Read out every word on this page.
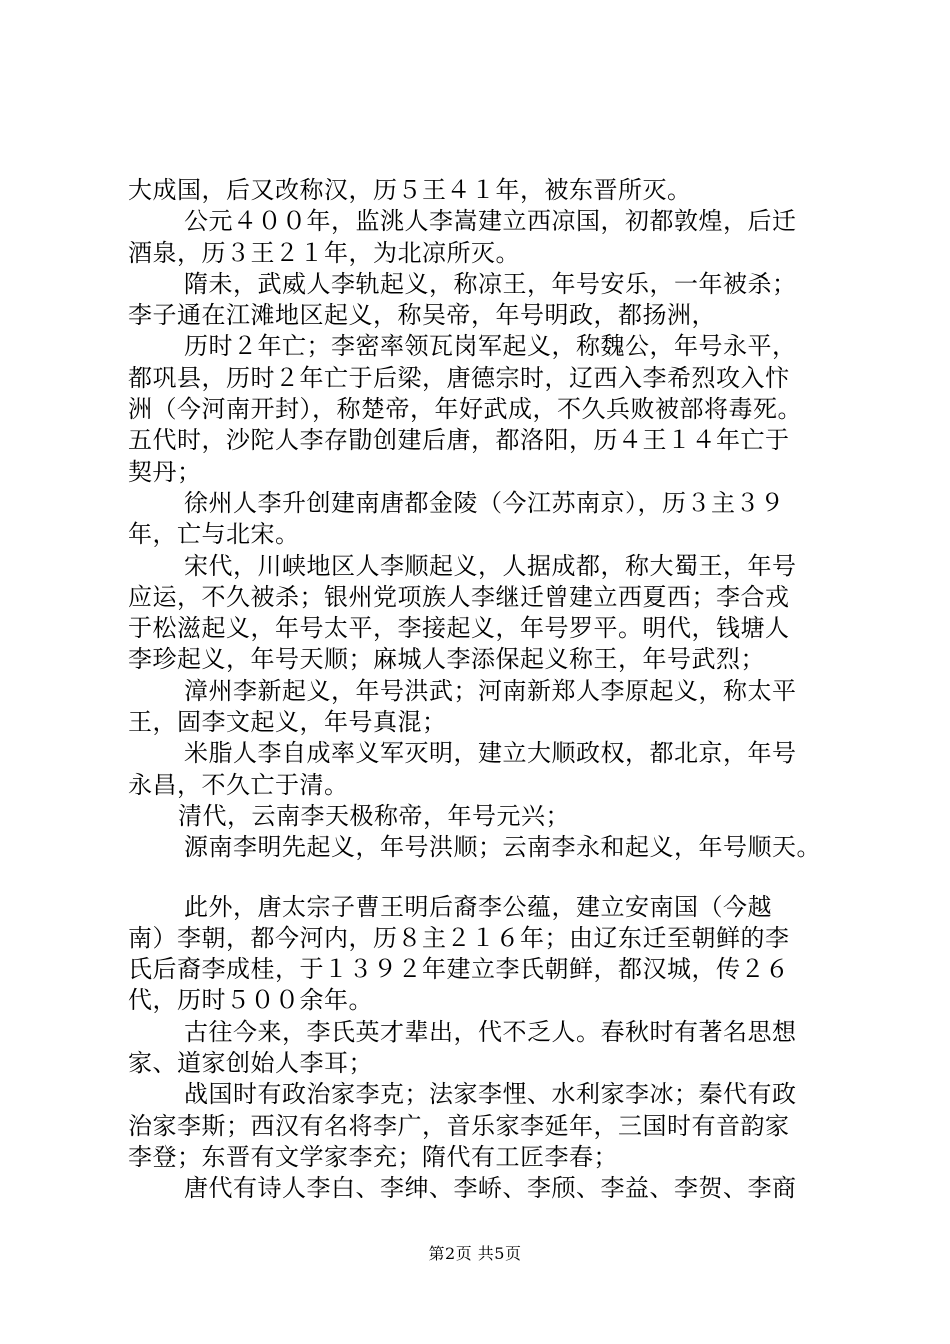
大成国，后又改称汉，历５王４１年，被东晋所灭。

公元４００年，监洮人李嵩建立西凉国，初都敦煌，后迁

酒泉，历３王２１年，为北凉所灭。

隋未，武威人李轨起义，称凉王，年号安乐，一年被杀；

李子通在江滩地区起义，称吴帝，年号明政，都扬洲，

历时２年亡；李密率领瓦岗军起义，称魏公，年号永平，

都巩县，历时２年亡于后梁，唐德宗时，辽西入李希烈攻入忭

洲（今河南开封），称楚帝，年好武成，不久兵败被部将毒死。

五代时，沙陀人李存勖创建后唐，都洛阳，历４王１４年亡于

契丹；

徐州人李升创建南唐都金陵（今江苏南京），历３主３９

年，亡与北宋。

宋代，川峡地区人李顺起义，人据成都，称大蜀王，年号

应运，不久被杀；银州党项族人李继迁曾建立西夏西；李合戎

于松滋起义，年号太平，李接起义，年号罗平。明代，钱塘人

李珍起义，年号天顺；麻城人李添保起义称王，年号武烈；

漳州李新起义，年号洪武；河南新郑人李原起义，称太平

王，固李文起义，年号真混；

米脂人李自成率义军灭明，建立大顺政权，都北京，年号

永昌，不久亡于清。

清代，云南李天极称帝，年号元兴；

源南李明先起义，年号洪顺；云南李永和起义，年号顺天。

此外，唐太宗子曹王明后裔李公蕴，建立安南国（今越

南）李朝，都今河内，历８主２１６年；由辽东迁至朝鲜的李

氏后裔李成桂，于１３９２年建立李氏朝鲜，都汉城，传２６

代，历时５００余年。

古往今来，李氏英才辈出，代不乏人。春秋时有著名思想

家、道家创始人李耳；

战国时有政治家李克；法家李悝、水利家李冰；秦代有政

治家李斯；西汉有名将李广，音乐家李延年，三国时有音韵家

李登；东晋有文学家李充；隋代有工匠李春；

唐代有诗人李白、李绅、李峤、李颀、李益、李贺、李商

第2页 共5页
